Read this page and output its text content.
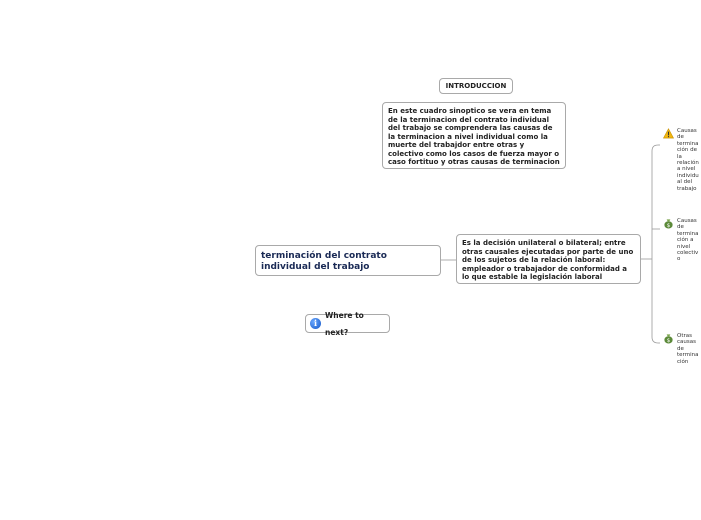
INTRODUCCION
En este cuadro sinoptico se vera en tema de la terminacion del contrato individual del trabajo se comprendera las causas de la terminacion a nivel individual como la muerte del trabajdor entre otras y colectivo como los casos de fuerza mayor o caso fortituo y otras causas de terminacion
terminación del contrato individual del trabajo
Es la decisión unilateral o bilateral; entre otras causales ejecutadas por parte de uno de los sujetos de la relación laboral: empleador o trabajador de conformidad a lo que estable la legislación laboral
i
Where to next?
Causas de terminación de la relación a nivel individual del trabajo
$
Causas de terminación a nivel colectivo
$
Otras causas de terminación
